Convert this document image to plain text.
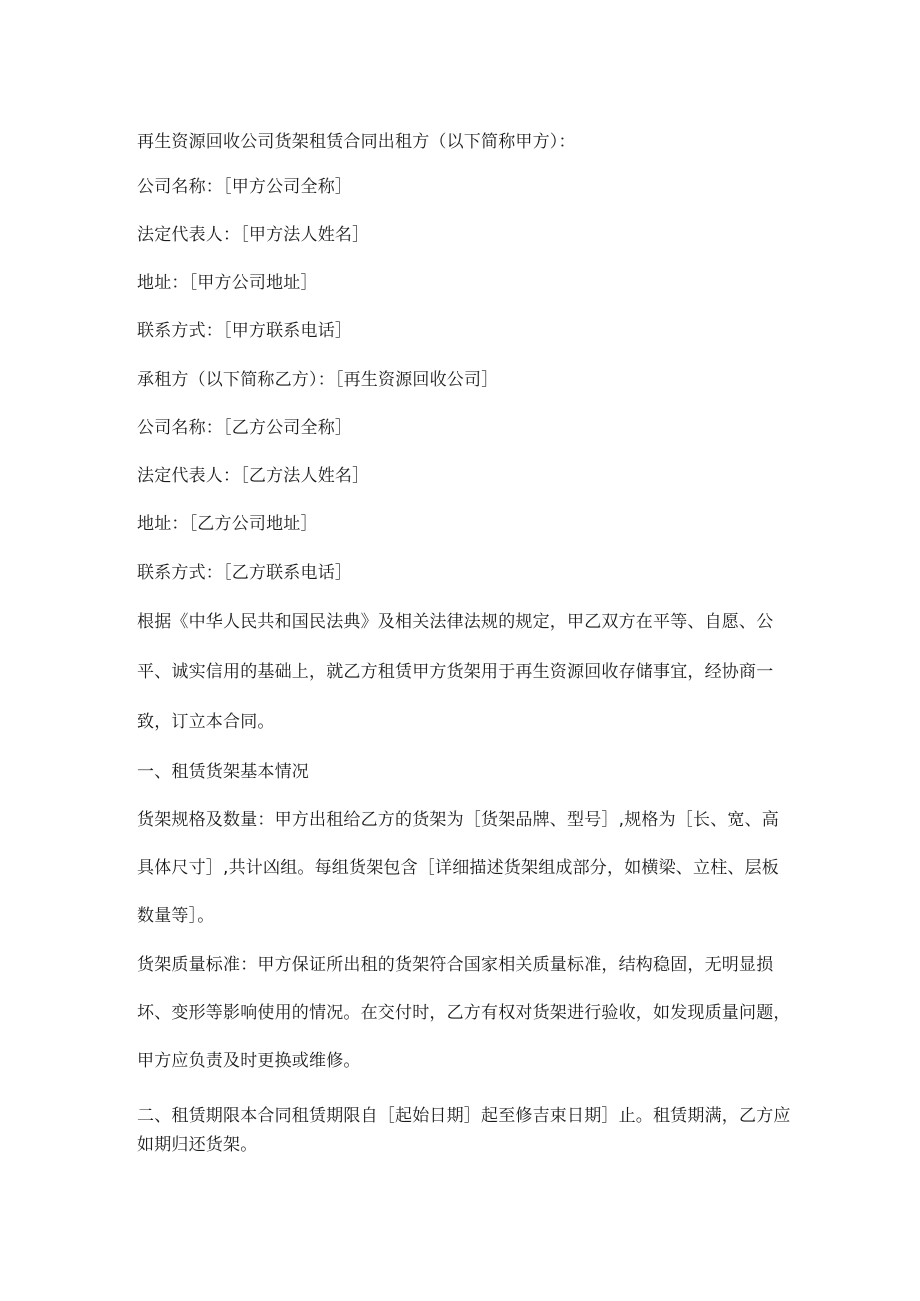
再生资源回收公司货架租赁合同出租方（以下简称甲方）：
公司名称：［甲方公司全称］
法定代表人：［甲方法人姓名］
地址：［甲方公司地址］
联系方式：［甲方联系电话］
承租方（以下简称乙方）：［再生资源回收公司］
公司名称：［乙方公司全称］
法定代表人：［乙方法人姓名］
地址：［乙方公司地址］
联系方式：［乙方联系电话］
根据《中华人民共和国民法典》及相关法律法规的规定，甲乙双方在平等、自愿、公
平、诚实信用的基础上，就乙方租赁甲方货架用于再生资源回收存储事宜，经协商一
致，订立本合同。
一、租赁货架基本情况
货架规格及数量：甲方出租给乙方的货架为［货架品牌、型号］,规格为［长、宽、高
具体尺寸］,共计凶组。每组货架包含［详细描述货架组成部分，如横梁、立柱、层板
数量等］。
货架质量标准：甲方保证所出租的货架符合国家相关质量标准，结构稳固，无明显损
坏、变形等影响使用的情况。在交付时，乙方有权对货架进行验收，如发现质量问题，
甲方应负责及时更换或维修。
二、租赁期限本合同租赁期限自［起始日期］起至修吉束日期］止。租赁期满，乙方应
如期归还货架。
